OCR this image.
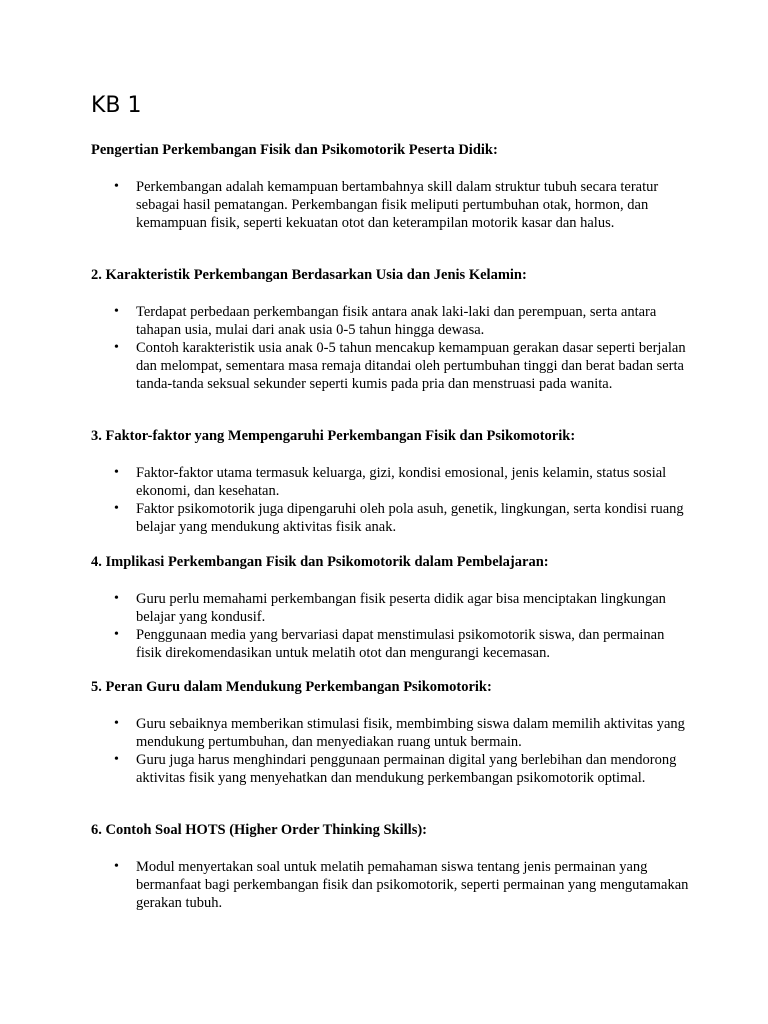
KB 1

Pengertian Perkembangan Fisik dan Psikomotorik Peserta Didik:

• Perkembangan adalah kemampuan bertambahnya skill dalam struktur tubuh secara teratur sebagai hasil pematangan. Perkembangan fisik meliputi pertumbuhan otak, hormon, dan kemampuan fisik, seperti kekuatan otot dan keterampilan motorik kasar dan halus.

2. Karakteristik Perkembangan Berdasarkan Usia dan Jenis Kelamin:

• Terdapat perbedaan perkembangan fisik antara anak laki-laki dan perempuan, serta antara tahapan usia, mulai dari anak usia 0-5 tahun hingga dewasa.
• Contoh karakteristik usia anak 0-5 tahun mencakup kemampuan gerakan dasar seperti berjalan dan melompat, sementara masa remaja ditandai oleh pertumbuhan tinggi dan berat badan serta tanda-tanda seksual sekunder seperti kumis pada pria dan menstruasi pada wanita.

3. Faktor-faktor yang Mempengaruhi Perkembangan Fisik dan Psikomotorik:

• Faktor-faktor utama termasuk keluarga, gizi, kondisi emosional, jenis kelamin, status sosial ekonomi, dan kesehatan.
• Faktor psikomotorik juga dipengaruhi oleh pola asuh, genetik, lingkungan, serta kondisi ruang belajar yang mendukung aktivitas fisik anak.

4. Implikasi Perkembangan Fisik dan Psikomotorik dalam Pembelajaran:

• Guru perlu memahami perkembangan fisik peserta didik agar bisa menciptakan lingkungan belajar yang kondusif.
• Penggunaan media yang bervariasi dapat menstimulasi psikomotorik siswa, dan permainan fisik direkomendasikan untuk melatih otot dan mengurangi kecemasan.

5. Peran Guru dalam Mendukung Perkembangan Psikomotorik:

• Guru sebaiknya memberikan stimulasi fisik, membimbing siswa dalam memilih aktivitas yang mendukung pertumbuhan, dan menyediakan ruang untuk bermain.
• Guru juga harus menghindari penggunaan permainan digital yang berlebihan dan mendorong aktivitas fisik yang menyehatkan dan mendukung perkembangan psikomotorik optimal.

6. Contoh Soal HOTS (Higher Order Thinking Skills):

• Modul menyertakan soal untuk melatih pemahaman siswa tentang jenis permainan yang bermanfaat bagi perkembangan fisik dan psikomotorik, seperti permainan yang mengutamakan gerakan tubuh.
